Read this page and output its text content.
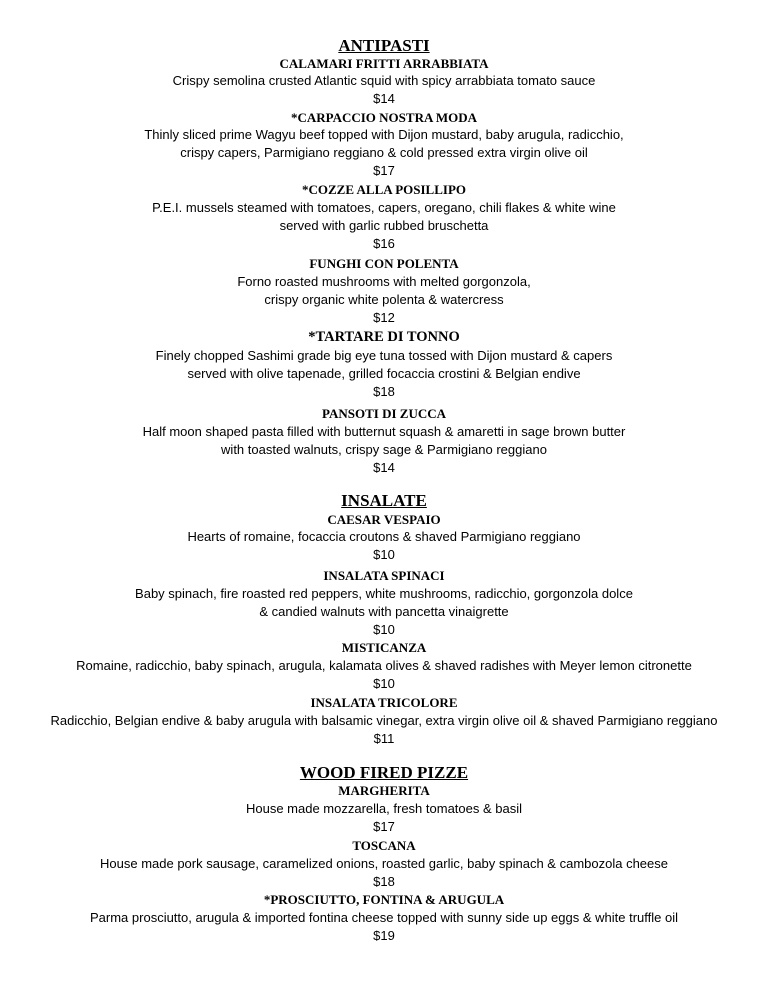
ANTIPASTI
CALAMARI FRITTI ARRABBIATA
Crispy semolina crusted Atlantic squid with spicy arrabbiata tomato sauce
$14
*CARPACCIO NOSTRA MODA
Thinly sliced prime Wagyu beef topped with Dijon mustard, baby arugula, radicchio,
crispy capers, Parmigiano reggiano & cold pressed extra virgin olive oil
$17
*COZZE ALLA POSILLIPO
P.E.I. mussels steamed with tomatoes, capers, oregano, chili flakes & white wine
served with garlic rubbed bruschetta
$16
FUNGHI CON POLENTA
Forno roasted mushrooms with melted gorgonzola,
crispy organic white polenta & watercress
$12
*TARTARE DI TONNO
Finely chopped Sashimi grade big eye tuna tossed with Dijon mustard & capers
served with olive tapenade, grilled focaccia crostini & Belgian endive
$18
PANSOTI DI ZUCCA
Half moon shaped pasta filled with butternut squash & amaretti in sage brown butter
with toasted walnuts, crispy sage & Parmigiano reggiano
$14
INSALATE
CAESAR VESPAIO
Hearts of romaine, focaccia croutons & shaved Parmigiano reggiano
$10
INSALATA SPINACI
Baby spinach, fire roasted red peppers, white mushrooms, radicchio, gorgonzola dolce
& candied walnuts with pancetta vinaigrette
$10
MISTICANZA
Romaine, radicchio, baby spinach, arugula, kalamata olives & shaved radishes with Meyer lemon citronette
$10
INSALATA TRICOLORE
Radicchio, Belgian endive & baby arugula with balsamic vinegar, extra virgin olive oil & shaved Parmigiano reggiano
$11
WOOD FIRED PIZZE
MARGHERITA
House made mozzarella, fresh tomatoes & basil
$17
TOSCANA
House made pork sausage, caramelized onions, roasted garlic, baby spinach & cambozola cheese
$18
*PROSCIUTTO, FONTINA & ARUGULA
Parma prosciutto, arugula & imported fontina cheese topped with sunny side up eggs & white truffle oil
$19
